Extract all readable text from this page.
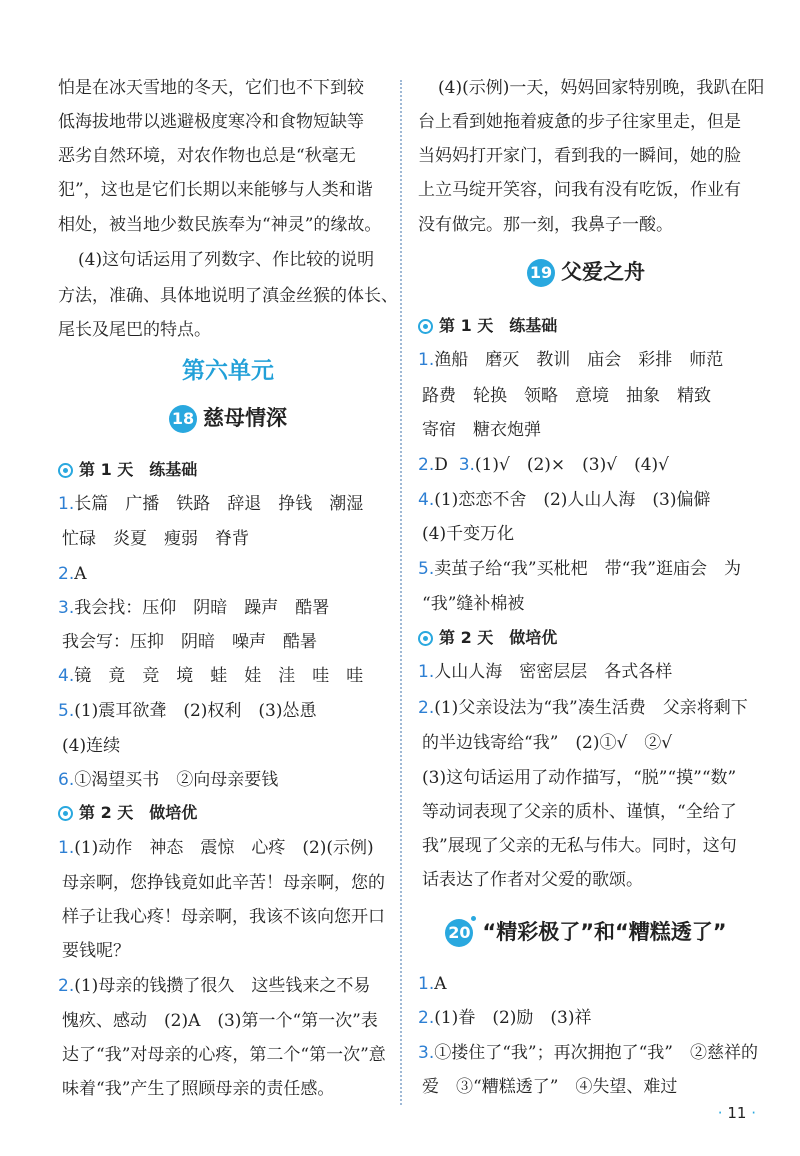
怕是在冰天雪地的冬天，它们也不下到较
低海拔地带以逃避极度寒冷和食物短缺等
恶劣自然环境，对农作物也总是“秋毫无
犯”，这也是它们长期以来能够与人类和谐
相处，被当地少数民族奉为“神灵”的缘故。
(4)这句话运用了列数字、作比较的说明
方法，准确、具体地说明了滇金丝猴的体长、
尾长及尾巴的特点。
第六单元
18 慈母情深
第 1 天　练基础
1.长篇　广播　铁路　辞退　挣钱　潮湿
忙碌　炎夏　瘦弱　脊背
2.A
3.我会找：压仰　阴暗　躁声　酷署
我会写：压抑　阴暗　噪声　酷暑
4.镜　竟　竞　境　蛙　娃　洼　哇　哇
5.(1)震耳欲聋　(2)权利　(3)怂恿
(4)连续
6.①渴望买书　②向母亲要钱
第 2 天　做培优
1.(1)动作　神态　震惊　心疼　(2)(示例)
母亲啊，您挣钱竟如此辛苦！母亲啊，您的
样子让我心疼！母亲啊，我该不该向您开口
要钱呢？
2.(1)母亲的钱攒了很久　这些钱来之不易
愧疚、感动　(2)A　(3)第一个“第一次”表
达了“我”对母亲的心疼，第二个“第一次”意
味着“我”产生了照顾母亲的责任感。
(4)(示例)一天，妈妈回家特别晚，我趴在阳
台上看到她拖着疲惫的步子往家里走，但是
当妈妈打开家门，看到我的一瞬间，她的脸
上立马绽开笑容，问我有没有吃饭，作业有
没有做完。那一刻，我鼻子一酸。
19 父爱之舟
第 1 天　练基础
1.渔船　磨灭　教训　庙会　彩排　师范
路费　轮换　领略　意境　抽象　精致
寄宿　糖衣炮弹
2.D 3.(1)√　(2)×　(3)√　(4)√
4.(1)恋恋不舍　(2)人山人海　(3)偏僻
(4)千变万化
5.卖茧子给“我”买枇杷　带“我”逛庙会　为
“我”缝补棉被
第 2 天　做培优
1.人山人海　密密层层　各式各样
2.(1)父亲设法为“我”凑生活费　父亲将剩下
的半边钱寄给“我”　(2)①√　②√
(3)这句话运用了动作描写，“脱”“摸”“数”
等动词表现了父亲的质朴、谨慎，“全给了
我”展现了父亲的无私与伟大。同时，这句
话表达了作者对父爱的歌颂。
20 “精彩极了”和“糟糕透了”
1.A
2.(1)眷　(2)励　(3)祥
3.①搂住了“我”；再次拥抱了“我”　②慈祥的
爱　③“糟糕透了”　④失望、难过
· 11 ·
